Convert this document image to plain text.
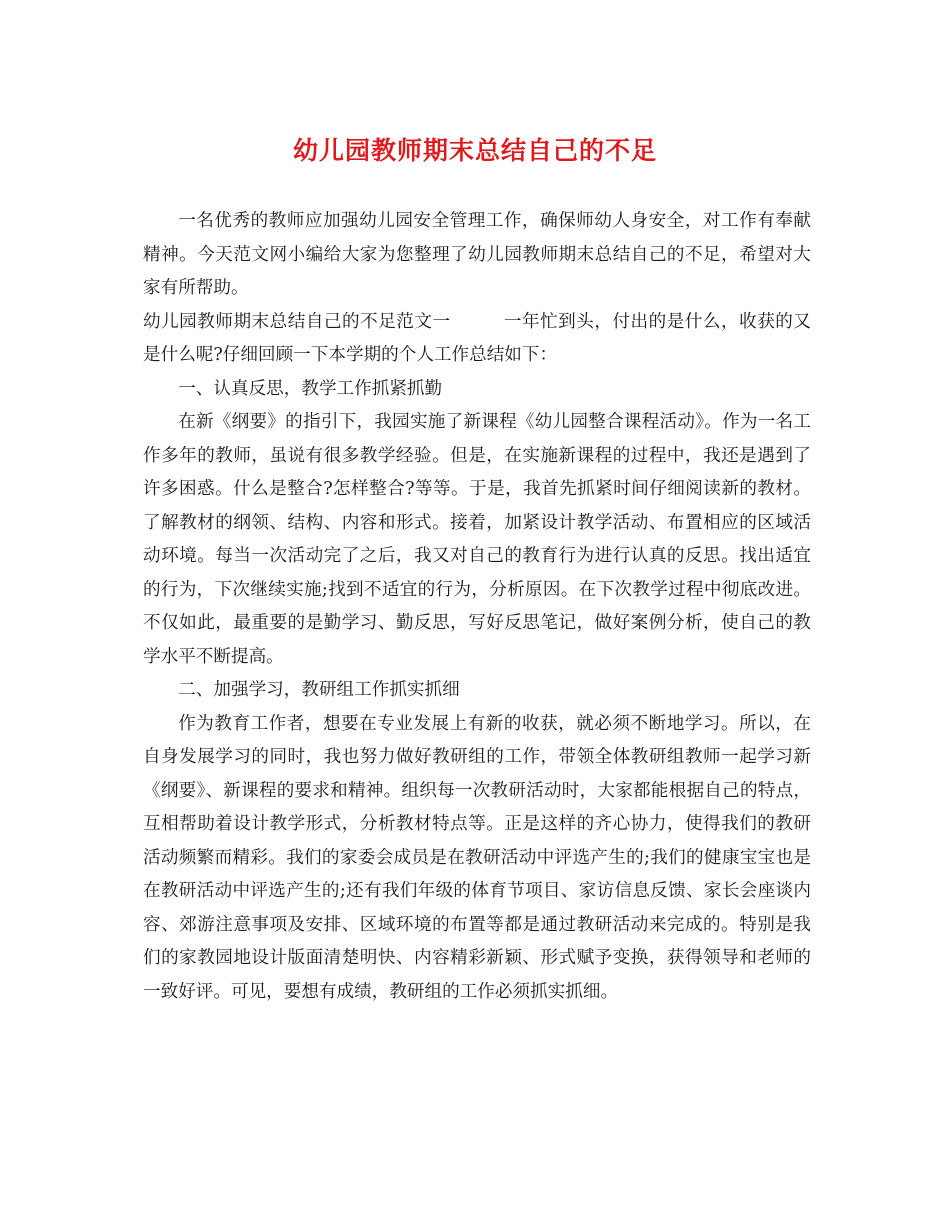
幼儿园教师期末总结自己的不足

一名优秀的教师应加强幼儿园安全管理工作，确保师幼人身安全，对工作有奉献精神。今天范文网小编给大家为您整理了幼儿园教师期末总结自己的不足，希望对大家有所帮助。

幼儿园教师期末总结自己的不足范文一	一年忙到头，付出的是什么，收获的又是什么呢?仔细回顾一下本学期的个人工作总结如下：

一、认真反思，教学工作抓紧抓勤

在新《纲要》的指引下，我园实施了新课程《幼儿园整合课程活动》。作为一名工作多年的教师，虽说有很多教学经验。但是，在实施新课程的过程中，我还是遇到了许多困惑。什么是整合?怎样整合?等等。于是，我首先抓紧时间仔细阅读新的教材。了解教材的纲领、结构、内容和形式。接着，加紧设计教学活动、布置相应的区域活动环境。每当一次活动完了之后，我又对自己的教育行为进行认真的反思。找出适宜的行为，下次继续实施;找到不适宜的行为，分析原因。在下次教学过程中彻底改进。不仅如此，最重要的是勤学习、勤反思，写好反思笔记，做好案例分析，使自己的教学水平不断提高。

二、加强学习，教研组工作抓实抓细

作为教育工作者，想要在专业发展上有新的收获，就必须不断地学习。所以，在自身发展学习的同时，我也努力做好教研组的工作，带领全体教研组教师一起学习新《纲要》、新课程的要求和精神。组织每一次教研活动时，大家都能根据自己的特点，互相帮助着设计教学形式，分析教材特点等。正是这样的齐心协力，使得我们的教研活动频繁而精彩。我们的家委会成员是在教研活动中评选产生的;我们的健康宝宝也是在教研活动中评选产生的;还有我们年级的体育节项目、家访信息反馈、家长会座谈内容、郊游注意事项及安排、区域环境的布置等都是通过教研活动来完成的。特别是我们的家教园地设计版面清楚明快、内容精彩新颖、形式赋予变换，获得领导和老师的一致好评。可见，要想有成绩，教研组的工作必须抓实抓细。
